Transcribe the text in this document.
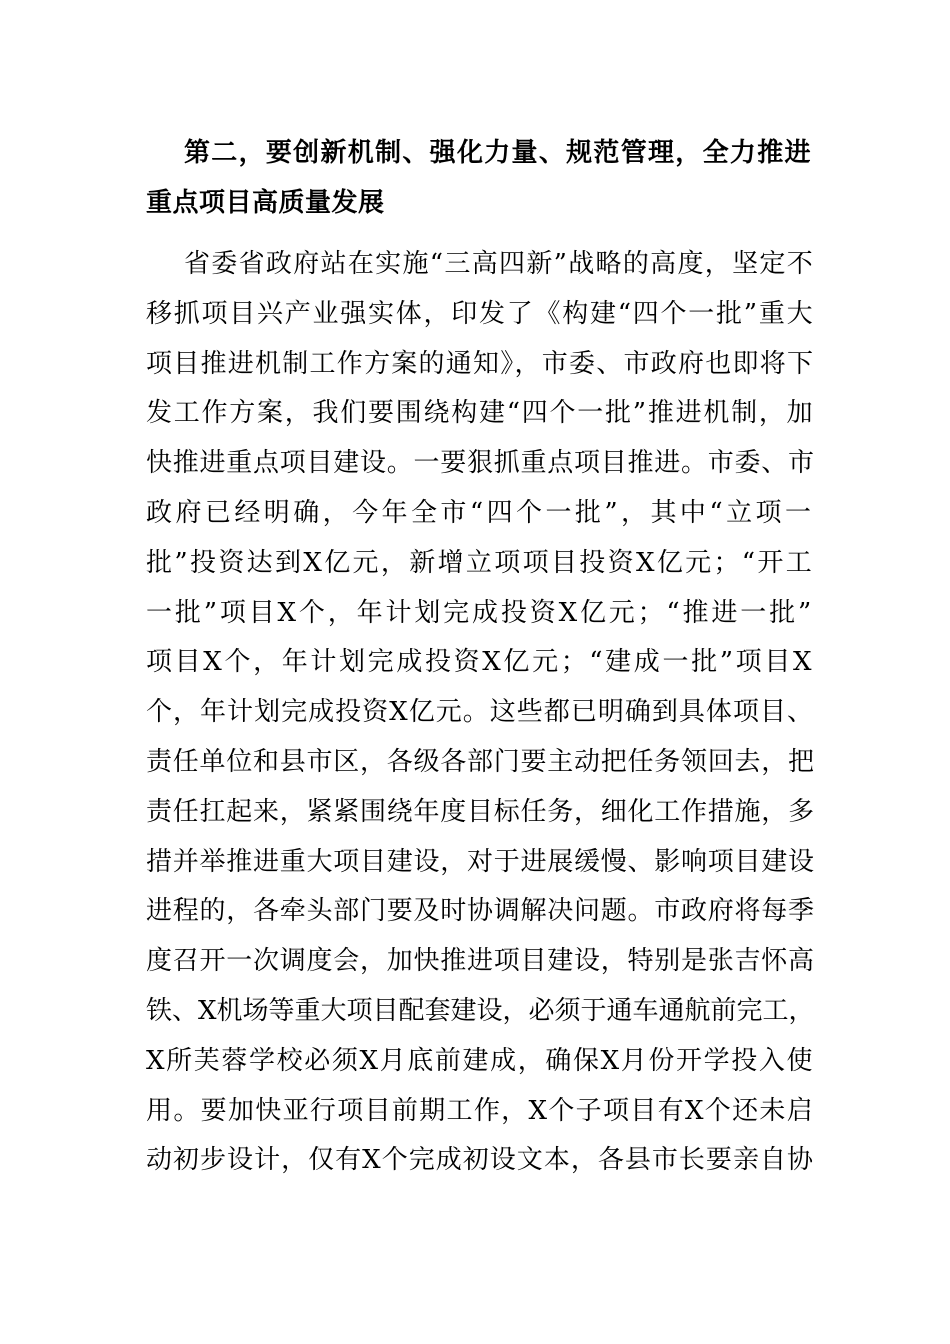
第二，要创新机制、强化力量、规范管理，全力推进重点项目高质量发展
省委省政府站在实施“三高四新”战略的高度，坚定不
移抓项目兴产业强实体，印发了《构建“四个一批”重大
项目推进机制工作方案的通知》，市委、市政府也即将下
发工作方案，我们要围绕构建“四个一批”推进机制，加
快推进重点项目建设。一要狠抓重点项目推进。市委、市
政府已经明确，今年全市“四个一批”，其中“立项一
批”投资达到X亿元，新增立项项目投资X亿元；“开工
一批”项目X个，年计划完成投资X亿元；“推进一批”
项目X个，年计划完成投资X亿元；“建成一批”项目X
个，年计划完成投资X亿元。这些都已明确到具体项目、
责任单位和县市区，各级各部门要主动把任务领回去，把
责任扛起来，紧紧围绕年度目标任务，细化工作措施，多
措并举推进重大项目建设，对于进展缓慢、影响项目建设
进程的，各牵头部门要及时协调解决问题。市政府将每季
度召开一次调度会，加快推进项目建设，特别是张吉怀高
铁、X机场等重大项目配套建设，必须于通车通航前完工，
X所芙蓉学校必须X月底前建成，确保X月份开学投入使
用。要加快亚行项目前期工作，X个子项目有X个还未启
动初步设计，仅有X个完成初设文本，各县市长要亲自协
